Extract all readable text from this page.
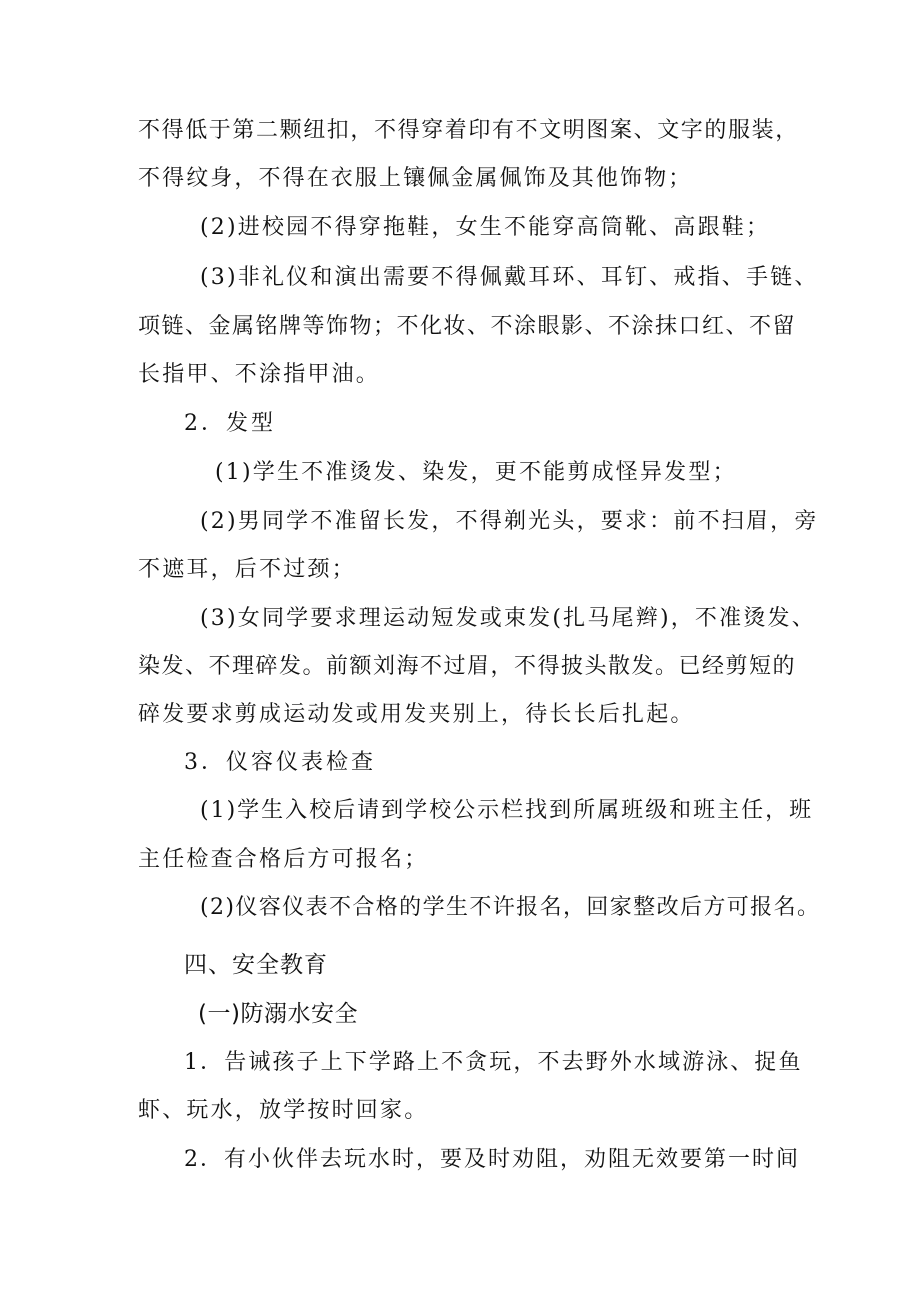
不得低于第二颗纽扣，不得穿着印有不文明图案、文字的服装，
不得纹身，不得在衣服上镶佩金属佩饰及其他饰物；
(2)进校园不得穿拖鞋，女生不能穿高筒靴、高跟鞋；
(3)非礼仪和演出需要不得佩戴耳环、耳钉、戒指、手链、
项链、金属铭牌等饰物；不化妆、不涂眼影、不涂抹口红、不留
长指甲、不涂指甲油。
2．发型
(1)学生不准烫发、染发，更不能剪成怪异发型；
(2)男同学不准留长发，不得剃光头，要求：前不扫眉，旁
不遮耳，后不过颈；
(3)女同学要求理运动短发或束发(扎马尾辫)，不准烫发、
染发、不理碎发。前额刘海不过眉，不得披头散发。已经剪短的
碎发要求剪成运动发或用发夹别上，待长长后扎起。
3．仪容仪表检查
(1)学生入校后请到学校公示栏找到所属班级和班主任，班
主任检查合格后方可报名；
(2)仪容仪表不合格的学生不许报名，回家整改后方可报名。
四、安全教育
(一)防溺水安全
1．告诫孩子上下学路上不贪玩，不去野外水域游泳、捉鱼
虾、玩水，放学按时回家。
2．有小伙伴去玩水时，要及时劝阻，劝阻无效要第一时间
